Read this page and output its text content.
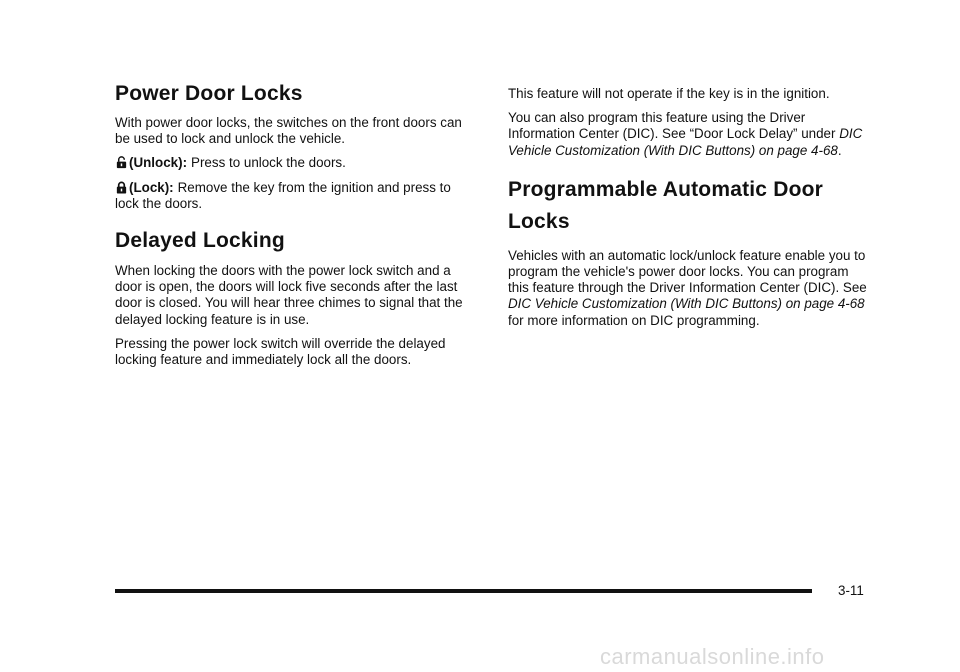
Power Door Locks

With power door locks, the switches on the front doors can be used to lock and unlock the vehicle.

(Unlock): Press to unlock the doors.

(Lock): Remove the key from the ignition and press to lock the doors.

Delayed Locking

When locking the doors with the power lock switch and a door is open, the doors will lock five seconds after the last door is closed. You will hear three chimes to signal that the delayed locking feature is in use.

Pressing the power lock switch will override the delayed locking feature and immediately lock all the doors.

This feature will not operate if the key is in the ignition.

You can also program this feature using the Driver Information Center (DIC). See “Door Lock Delay” under DIC Vehicle Customization (With DIC Buttons) on page 4-68.

Programmable Automatic Door Locks

Vehicles with an automatic lock/unlock feature enable you to program the vehicle's power door locks. You can program this feature through the Driver Information Center (DIC). See DIC Vehicle Customization (With DIC Buttons) on page 4-68 for more information on DIC programming.

3-11
carmanualsonline.info
